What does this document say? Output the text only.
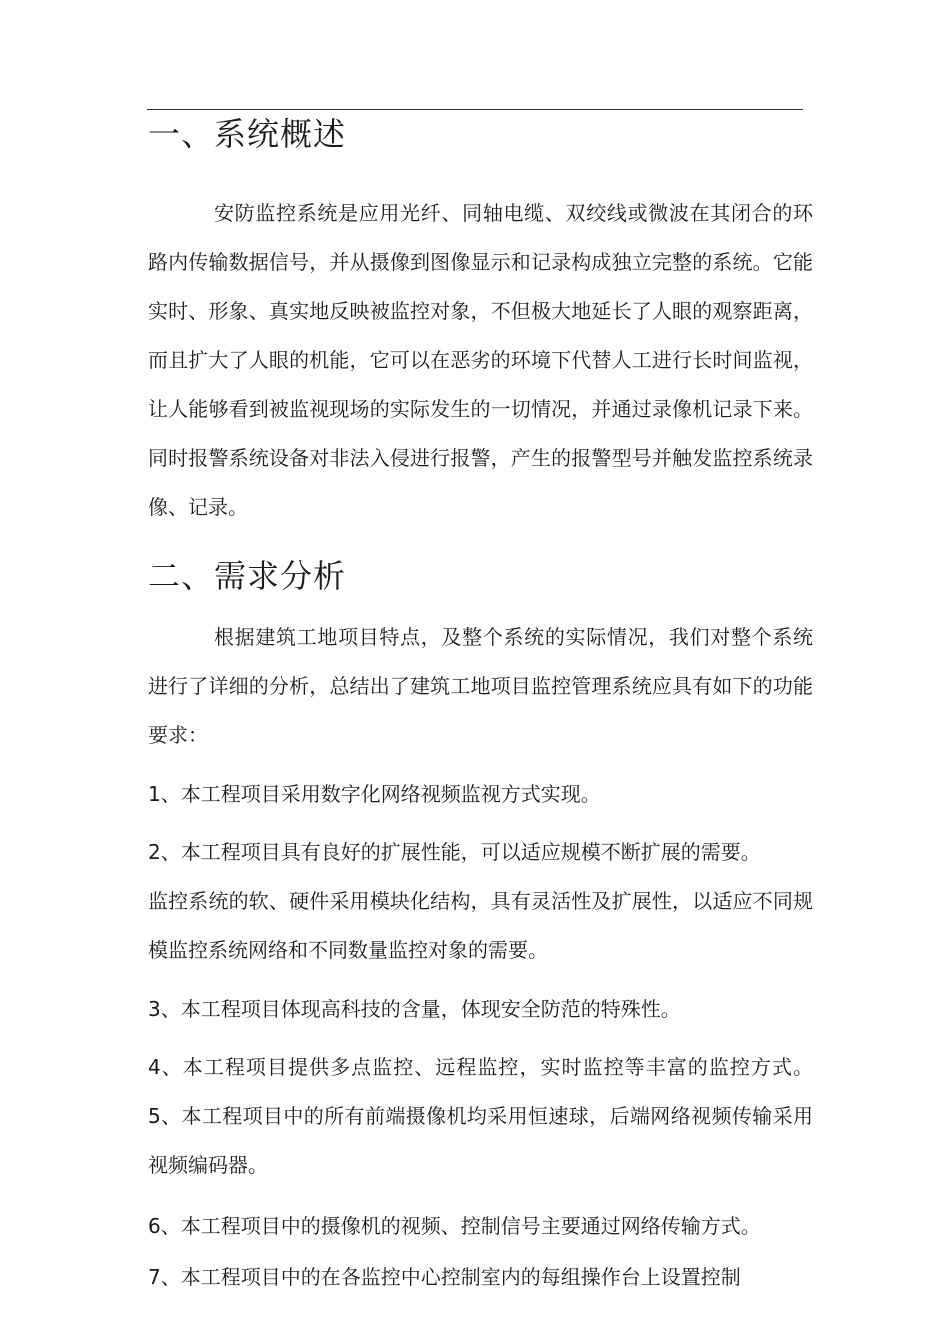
一、系统概述

安防监控系统是应用光纤、同轴电缆、双绞线或微波在其闭合的环路内传输数据信号，并从摄像到图像显示和记录构成独立完整的系统。它能实时、形象、真实地反映被监控对象，不但极大地延长了人眼的观察距离，而且扩大了人眼的机能，它可以在恶劣的环境下代替人工进行长时间监视，让人能够看到被监视现场的实际发生的一切情况，并通过录像机记录下来。同时报警系统设备对非法入侵进行报警，产生的报警型号并触发监控系统录像、记录。

二、需求分析

根据建筑工地项目特点，及整个系统的实际情况，我们对整个系统进行了详细的分析，总结出了建筑工地项目监控管理系统应具有如下的功能要求：

1、本工程项目采用数字化网络视频监视方式实现。

2、本工程项目具有良好的扩展性能，可以适应规模不断扩展的需要。

监控系统的软、硬件采用模块化结构，具有灵活性及扩展性，以适应不同规模监控系统网络和不同数量监控对象的需要。

3、本工程项目体现高科技的含量，体现安全防范的特殊性。

4、本工程项目提供多点监控、远程监控，实时监控等丰富的监控方式。5、本工程项目中的所有前端摄像机均采用恒速球，后端网络视频传输采用视频编码器。

6、本工程项目中的摄像机的视频、控制信号主要通过网络传输方式。

7、本工程项目中的在各监控中心控制室内的每组操作台上设置控制
